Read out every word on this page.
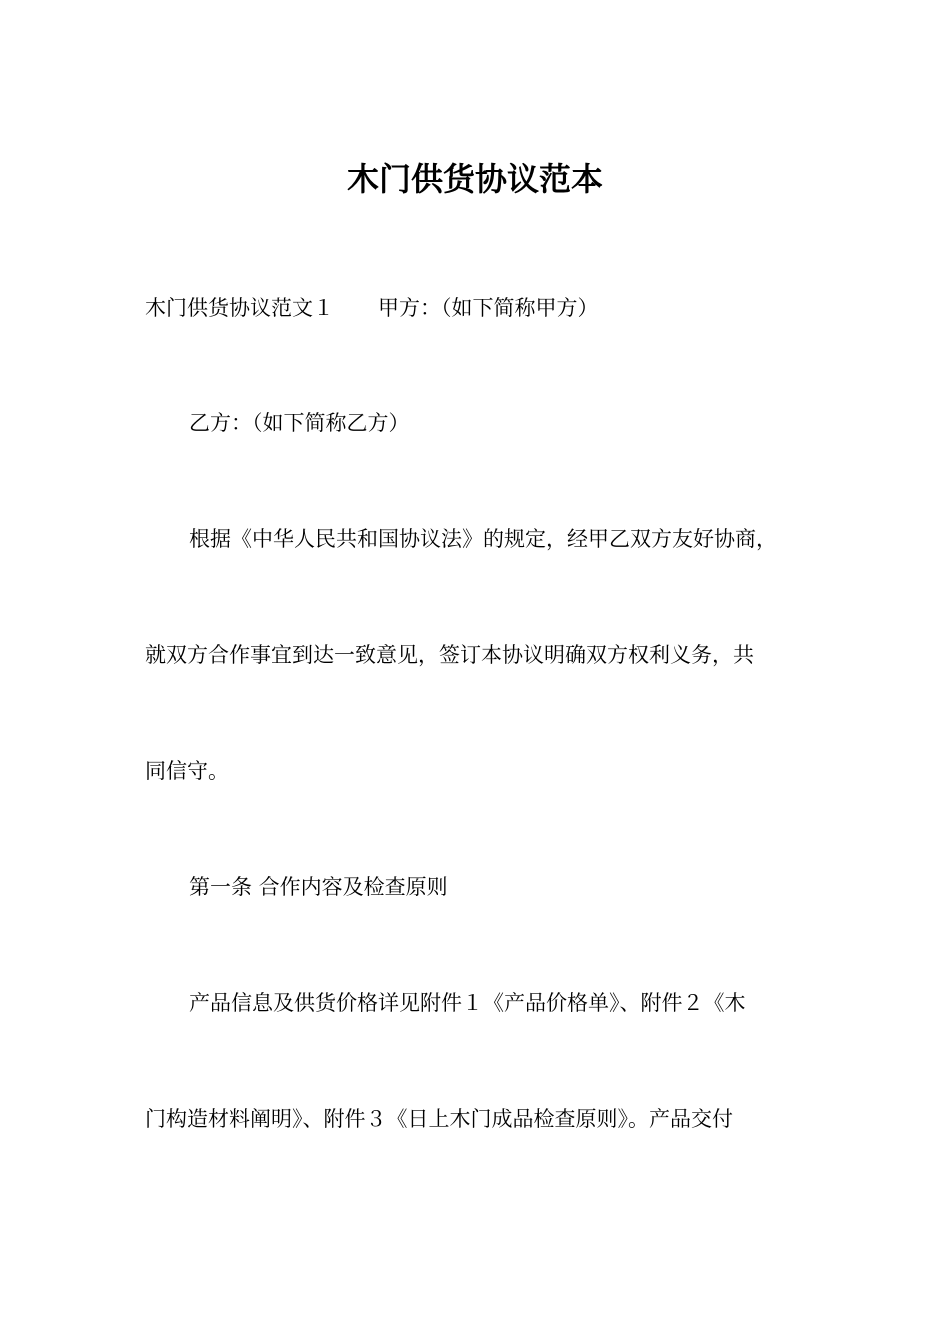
木门供货协议范本
木门供货协议范文１ 甲方：（如下简称甲方）
乙方：（如下简称乙方）
根据《中华人民共和国协议法》的规定，经甲乙双方友好协商，
就双方合作事宜到达一致意见，签订本协议明确双方权利义务，共
同信守。
第一条 合作内容及检查原则
产品信息及供货价格详见附件１《产品价格单》、附件２《木
门构造材料阐明》、附件３《日上木门成品检查原则》。产品交付
